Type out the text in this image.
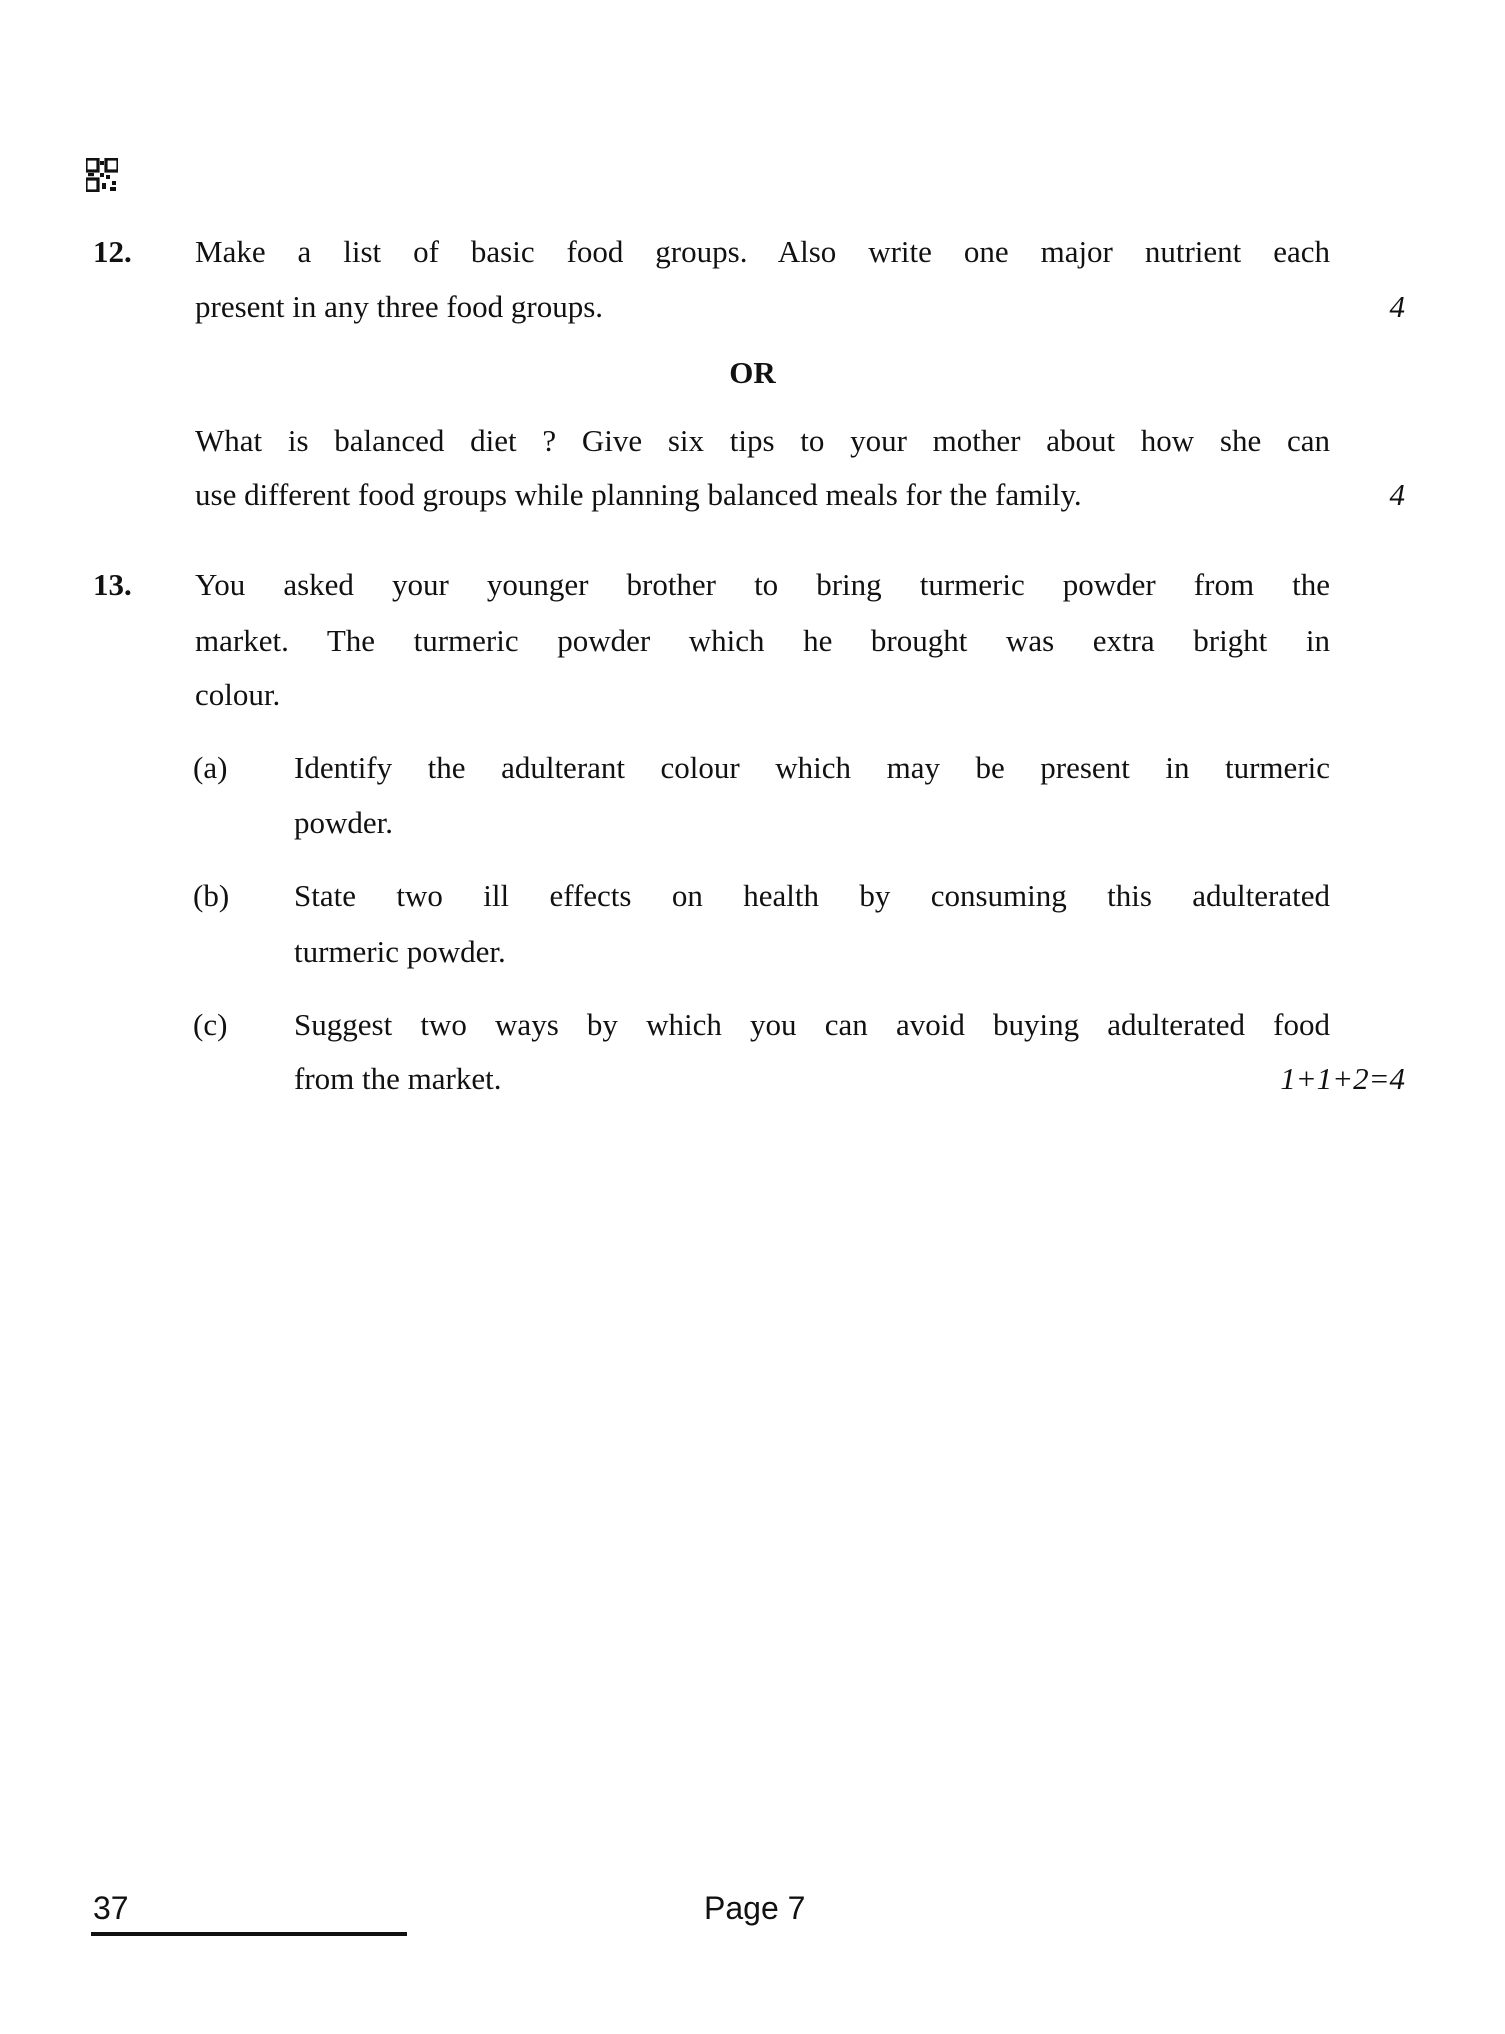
12. Make a list of basic food groups. Also write one major nutrient each
present in any three food groups.	4
OR
What is balanced diet ? Give six tips to your mother about how she can
use different food groups while planning balanced meals for the family.	4
13. You asked your younger brother to bring turmeric powder from the
market. The turmeric powder which he brought was extra bright in
colour.
(a) Identify the adulterant colour which may be present in turmeric
powder.
(b) State two ill effects on health by consuming this adulterated
turmeric powder.
(c) Suggest two ways by which you can avoid buying adulterated food
from the market.	1+1+2=4
37	Page 7
